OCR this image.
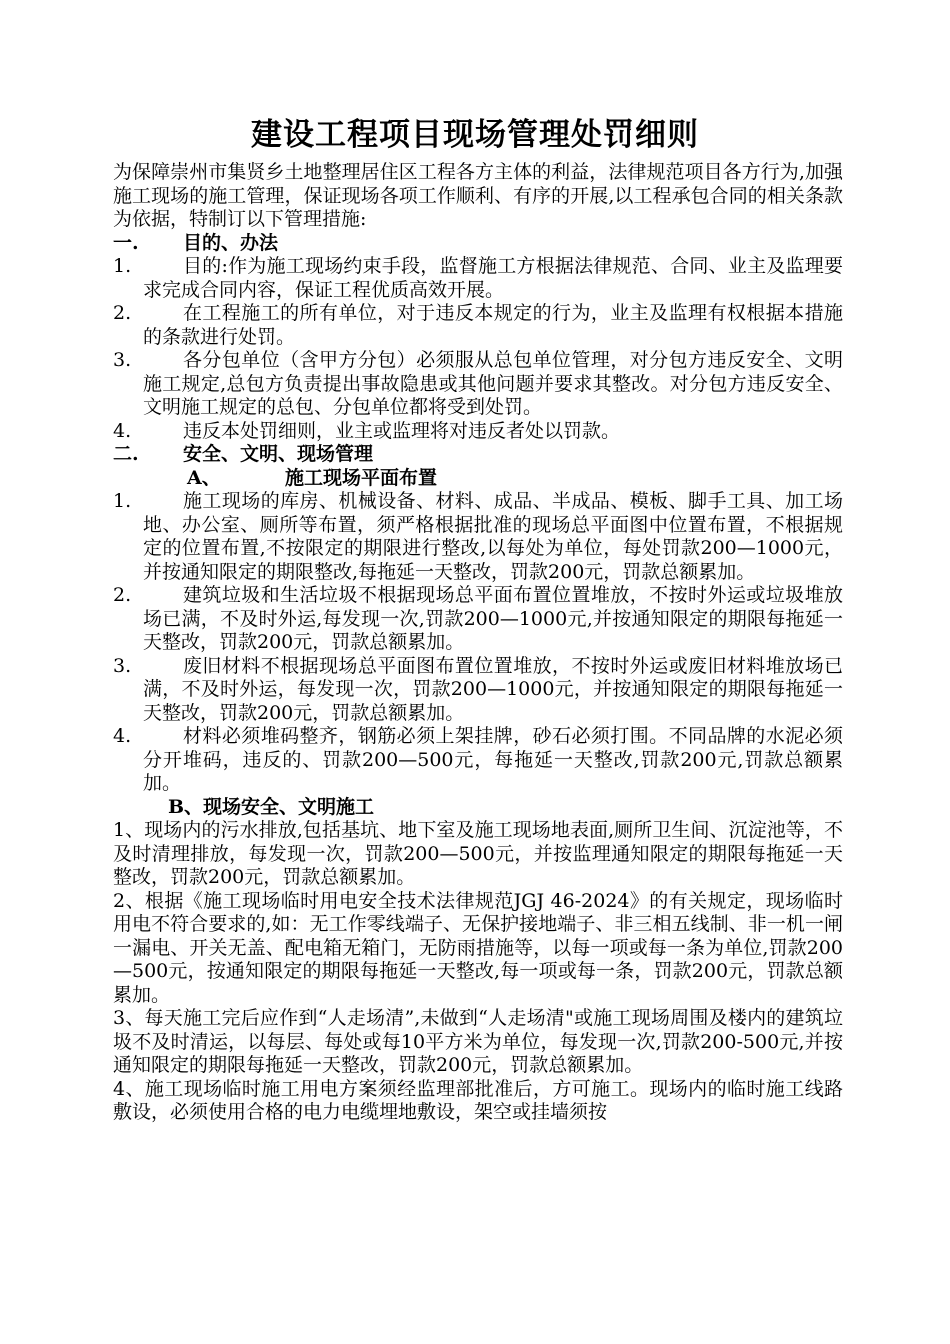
建设工程项目现场管理处罚细则
为保障崇州市集贤乡土地整理居住区工程各方主体的利益，法律规范项目各方行为,加强施工现场的施工管理，保证现场各项工作顺利、有序的开展,以工程承包合同的相关条款为依据，特制订以下管理措施:
一. 目的、办法
1.	目的:作为施工现场约束手段，监督施工方根据法律规范、合同、业主及监理要求完成合同内容，保证工程优质高效开展。
2.	在工程施工的所有单位，对于违反本规定的行为，业主及监理有权根据本措施的条款进行处罚。
3.	各分包单位（含甲方分包）必须服从总包单位管理，对分包方违反安全、文明施工规定,总包方负责提出事故隐患或其他问题并要求其整改。对分包方违反安全、文明施工规定的总包、分包单位都将受到处罚。
4.	违反本处罚细则，业主或监理将对违反者处以罚款。
二. 安全、文明、现场管理
A、	施工现场平面布置
1.	施工现场的库房、机械设备、材料、成品、半成品、模板、脚手工具、加工场地、办公室、厕所等布置，须严格根据批准的现场总平面图中位置布置，不根据规定的位置布置,不按限定的期限进行整改,以每处为单位，每处罚款200—1000元，并按通知限定的期限整改,每拖延一天整改，罚款200元，罚款总额累加。
2.	建筑垃圾和生活垃圾不根据现场总平面布置位置堆放，不按时外运或垃圾堆放场已满，不及时外运,每发现一次,罚款200—1000元,并按通知限定的期限每拖延一天整改，罚款200元，罚款总额累加。
3.	废旧材料不根据现场总平面图布置位置堆放，不按时外运或废旧材料堆放场已满，不及时外运，每发现一次，罚款200—1000元，并按通知限定的期限每拖延一天整改，罚款200元，罚款总额累加。
4.	材料必须堆码整齐，钢筋必须上架挂牌，砂石必须打围。不同品牌的水泥必须分开堆码，违反的、罚款200—500元，每拖延一天整改,罚款200元,罚款总额累加。
B、现场安全、文明施工
1、现场内的污水排放,包括基坑、地下室及施工现场地表面,厕所卫生间、沉淀池等，不及时清理排放，每发现一次，罚款200—500元，并按监理通知限定的期限每拖延一天整改，罚款200元，罚款总额累加。
2、根据《施工现场临时用电安全技术法律规范JGJ 46-2024》的有关规定，现场临时用电不符合要求的,如：无工作零线端子、无保护接地端子、非三相五线制、非一机一闸一漏电、开关无盖、配电箱无箱门，无防雨措施等，以每一项或每一条为单位,罚款200—500元，按通知限定的期限每拖延一天整改,每一项或每一条，罚款200元，罚款总额累加。
3、每天施工完后应作到“人走场清”,未做到“人走场清"或施工现场周围及楼内的建筑垃圾不及时清运，以每层、每处或每10平方米为单位，每发现一次,罚款200-500元,并按通知限定的期限每拖延一天整改，罚款200元，罚款总额累加。
4、施工现场临时施工用电方案须经监理部批准后，方可施工。现场内的临时施工线路敷设，必须使用合格的电力电缆埋地敷设，架空或挂墙须按
